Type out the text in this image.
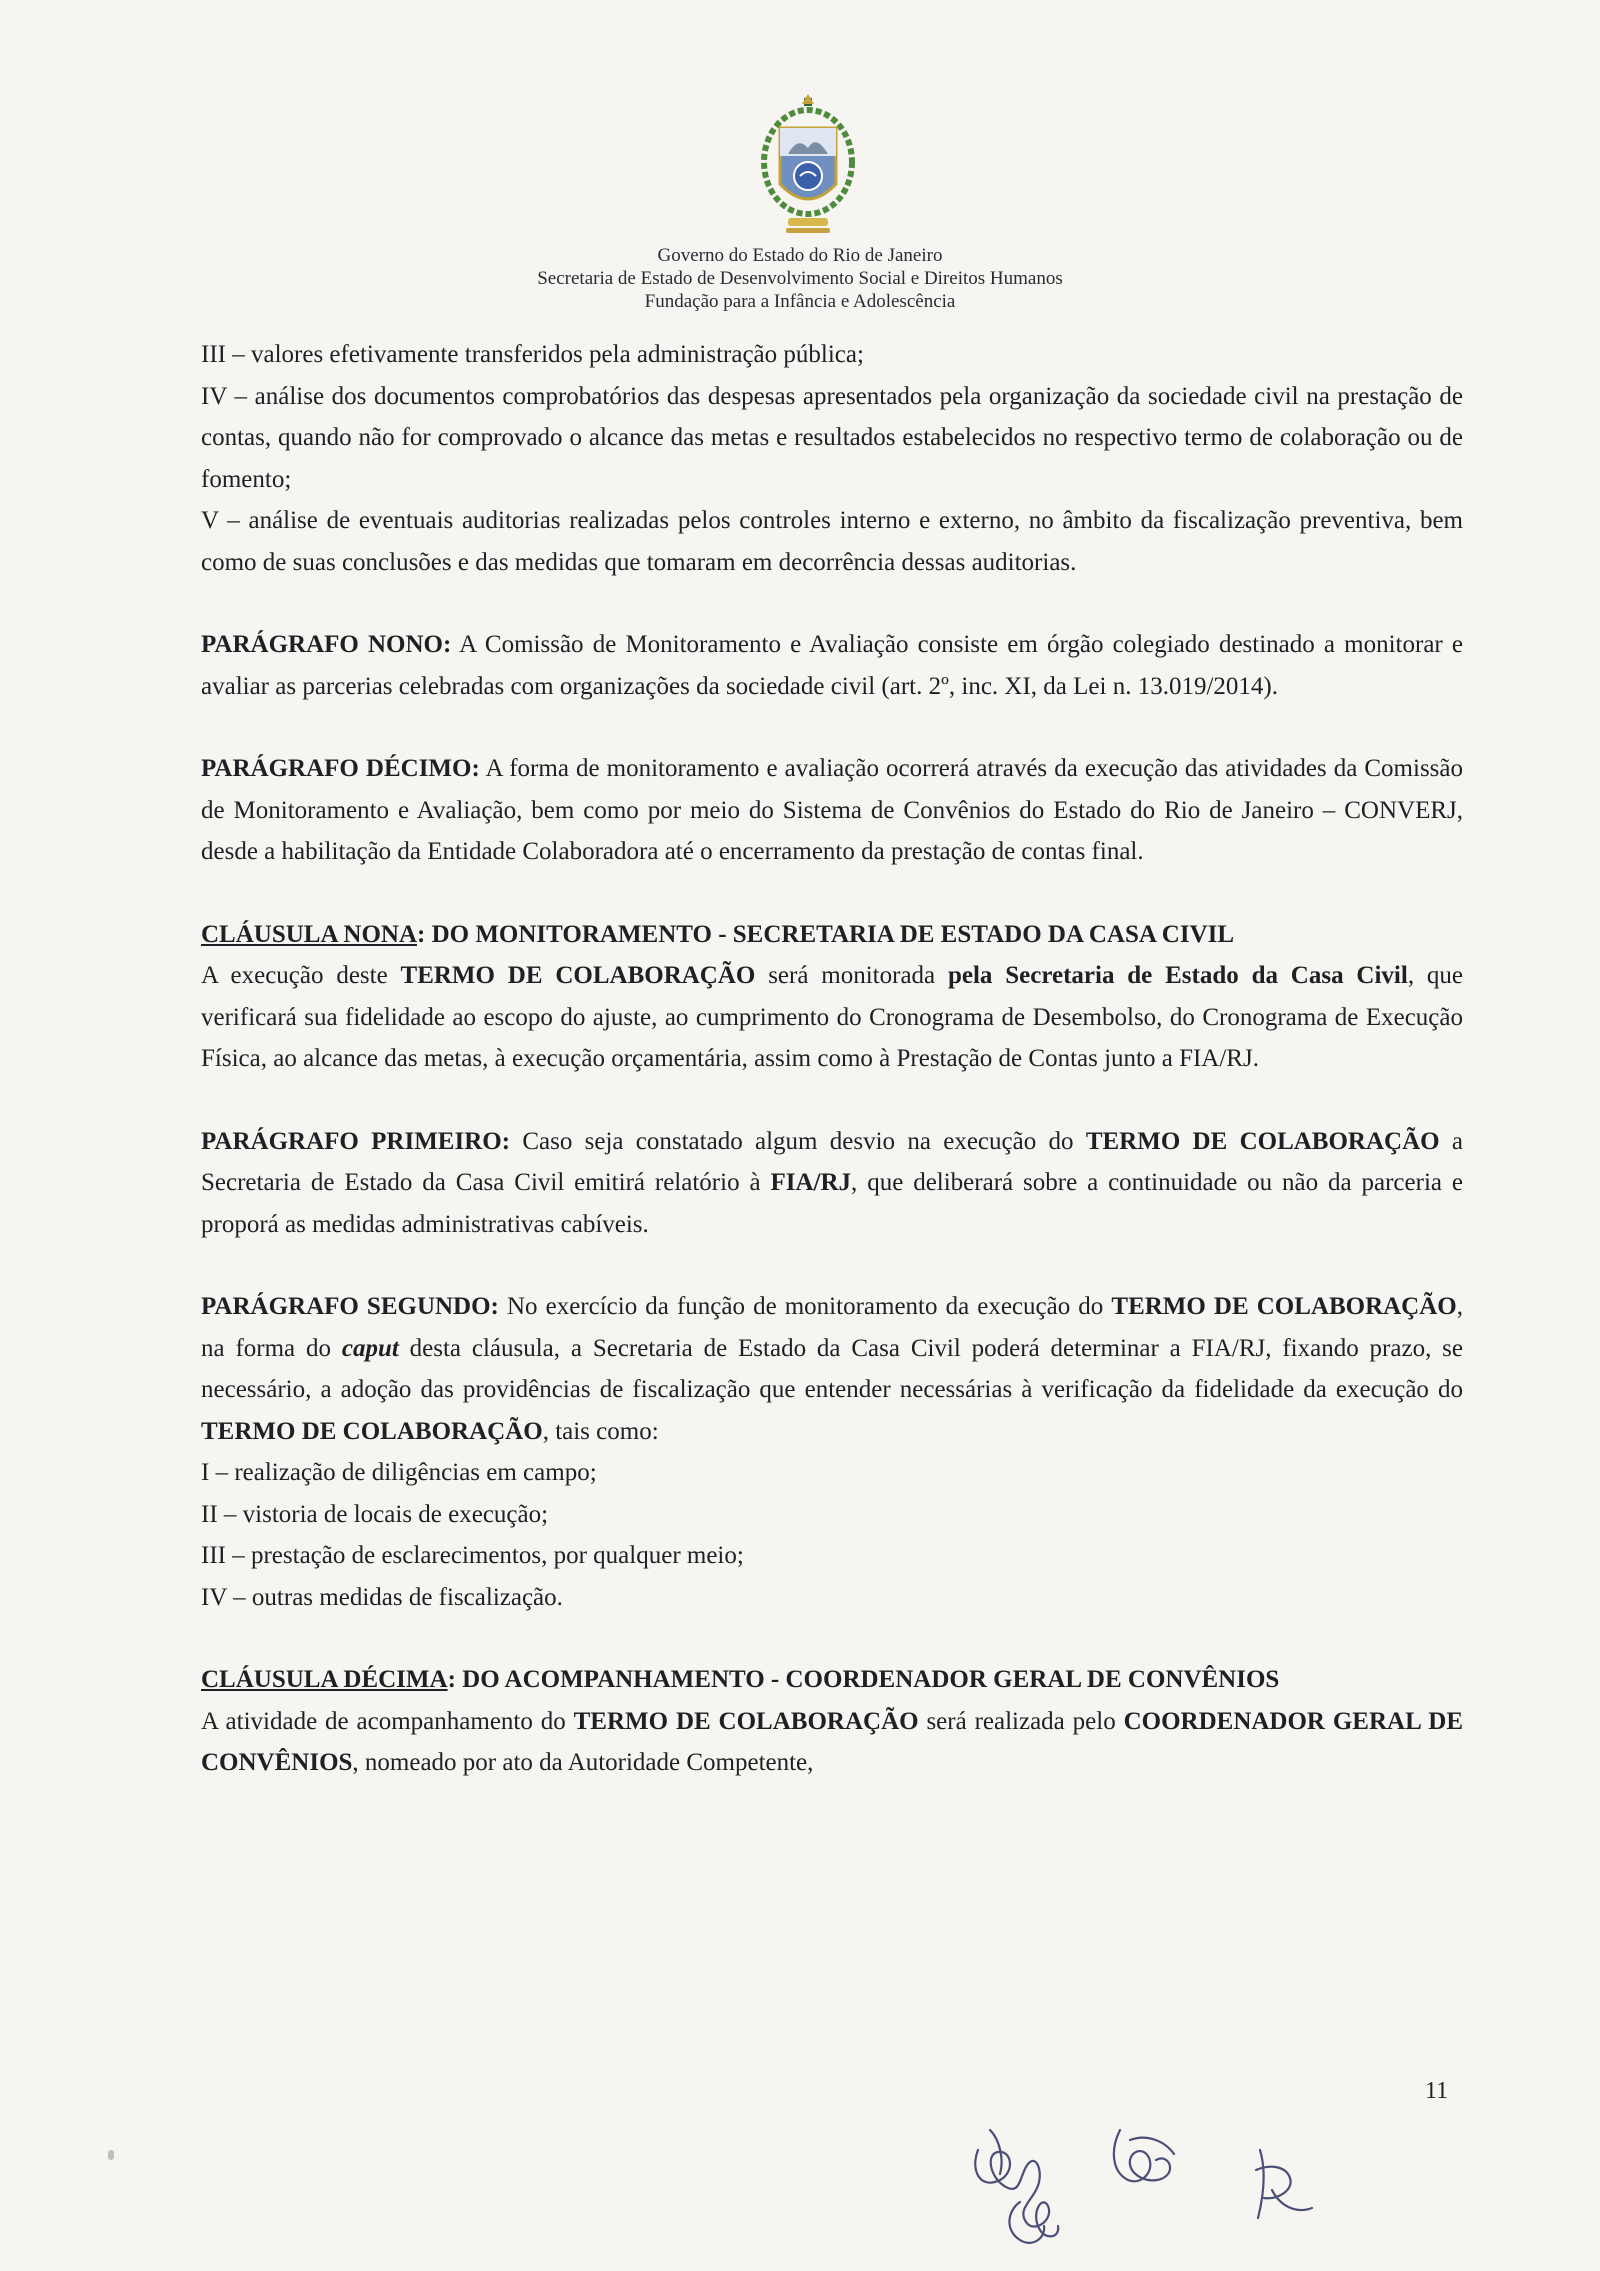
Governo do Estado do Rio de Janeiro
Secretaria de Estado de Desenvolvimento Social e Direitos Humanos
Fundação para a Infância e Adolescência

III – valores efetivamente transferidos pela administração pública;

IV – análise dos documentos comprobatórios das despesas apresentados pela organização da sociedade civil na prestação de contas, quando não for comprovado o alcance das metas e resultados estabelecidos no respectivo termo de colaboração ou de fomento;

V – análise de eventuais auditorias realizadas pelos controles interno e externo, no âmbito da fiscalização preventiva, bem como de suas conclusões e das medidas que tomaram em decorrência dessas auditorias.

PARÁGRAFO NONO: A Comissão de Monitoramento e Avaliação consiste em órgão colegiado destinado a monitorar e avaliar as parcerias celebradas com organizações da sociedade civil (art. 2º, inc. XI, da Lei n. 13.019/2014).

PARÁGRAFO DÉCIMO: A forma de monitoramento e avaliação ocorrerá através da execução das atividades da Comissão de Monitoramento e Avaliação, bem como por meio do Sistema de Convênios do Estado do Rio de Janeiro – CONVERJ, desde a habilitação da Entidade Colaboradora até o encerramento da prestação de contas final.

CLÁUSULA NONA: DO MONITORAMENTO - SECRETARIA DE ESTADO DA CASA CIVIL

A execução deste TERMO DE COLABORAÇÃO será monitorada pela Secretaria de Estado da Casa Civil, que verificará sua fidelidade ao escopo do ajuste, ao cumprimento do Cronograma de Desembolso, do Cronograma de Execução Física, ao alcance das metas, à execução orçamentária, assim como à Prestação de Contas junto a FIA/RJ.

PARÁGRAFO PRIMEIRO: Caso seja constatado algum desvio na execução do TERMO DE COLABORAÇÃO a Secretaria de Estado da Casa Civil emitirá relatório à FIA/RJ, que deliberará sobre a continuidade ou não da parceria e proporá as medidas administrativas cabíveis.

PARÁGRAFO SEGUNDO: No exercício da função de monitoramento da execução do TERMO DE COLABORAÇÃO, na forma do caput desta cláusula, a Secretaria de Estado da Casa Civil poderá determinar a FIA/RJ, fixando prazo, se necessário, a adoção das providências de fiscalização que entender necessárias à verificação da fidelidade da execução do TERMO DE COLABORAÇÃO, tais como:

I – realização de diligências em campo;

II – vistoria de locais de execução;

III – prestação de esclarecimentos, por qualquer meio;

IV – outras medidas de fiscalização.

CLÁUSULA DÉCIMA: DO ACOMPANHAMENTO - COORDENADOR GERAL DE CONVÊNIOS

A atividade de acompanhamento do TERMO DE COLABORAÇÃO será realizada pelo COORDENADOR GERAL DE CONVÊNIOS, nomeado por ato da Autoridade Competente,

11
